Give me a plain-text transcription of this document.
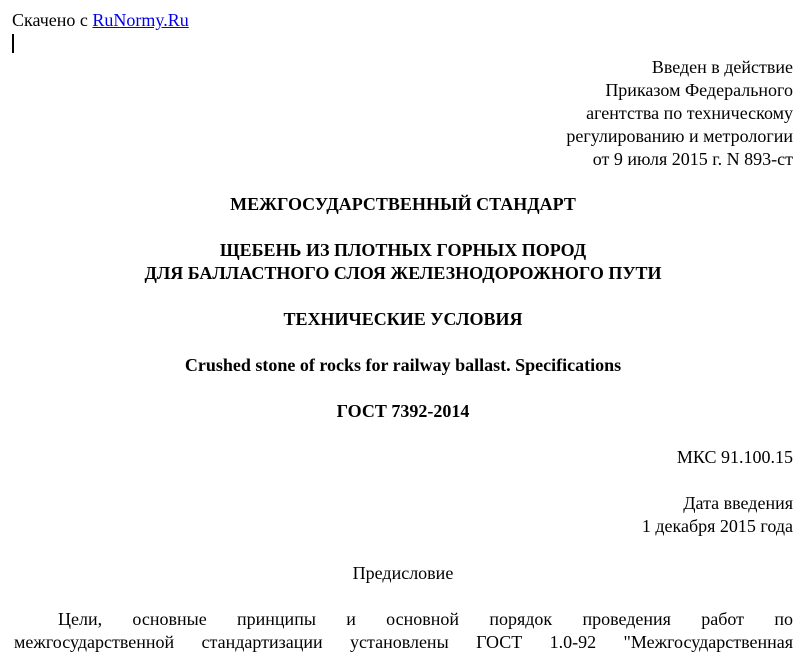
Скачено с RuNormy.Ru
Введен в действие
Приказом Федерального
агентства по техническому
регулированию и метрологии
от 9 июля 2015 г. N 893-ст
МЕЖГОСУДАРСТВЕННЫЙ СТАНДАРТ
ЩЕБЕНЬ ИЗ ПЛОТНЫХ ГОРНЫХ ПОРОД
ДЛЯ БАЛЛАСТНОГО СЛОЯ ЖЕЛЕЗНОДОРОЖНОГО ПУТИ
ТЕХНИЧЕСКИЕ УСЛОВИЯ
Crushed stone of rocks for railway ballast. Specifications
ГОСТ 7392-2014
МКС 91.100.15
Дата введения
1 декабря 2015 года
Предисловие
Цели, основные принципы и основной порядок проведения работ по
межгосударственной стандартизации установлены ГОСТ 1.0-92 "Межгосударственная
